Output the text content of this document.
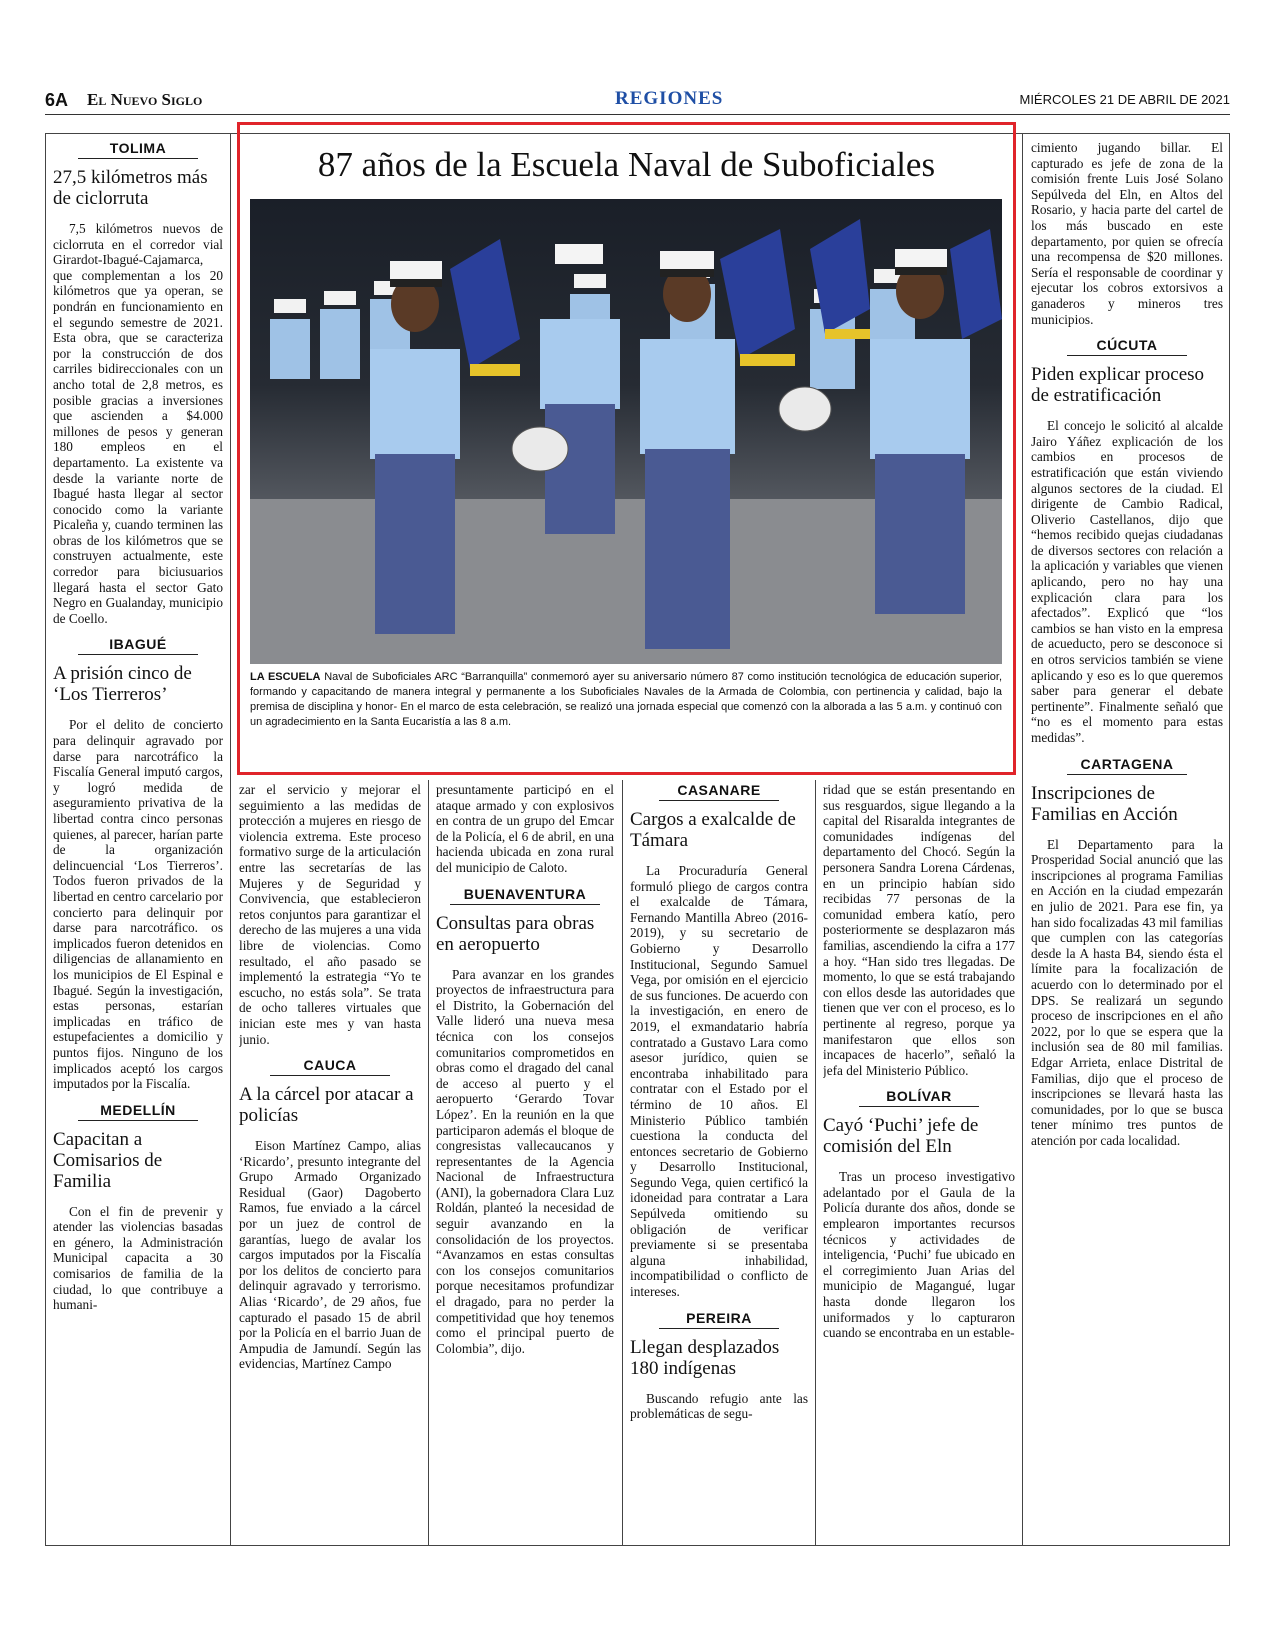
6A El Nuevo Siglo	REGIONES	MIÉRCOLES 21 DE ABRIL DE 2021
TOLIMA
27,5 kilómetros más de ciclorruta

7,5 kilómetros nuevos de ciclorruta en el corredor vial Girardot-Ibagué-Cajamarca, que complementan a los 20 kilómetros que ya operan, se pondrán en funcionamiento en el segundo semestre de 2021. Esta obra, que se caracteriza por la construcción de dos carriles bidireccionales con un ancho total de 2,8 metros, es posible gracias a inversiones que ascienden a $4.000 millones de pesos y generan 180 empleos en el departamento. La existente va desde la variante norte de Ibagué hasta llegar al sector conocido como la variante Picaleña y, cuando terminen las obras de los kilómetros que se construyen actualmente, este corredor para biciusuarios llegará hasta el sector Gato Negro en Gualanday, municipio de Coello.

IBAGUÉ
A prisión cinco de ‘Los Tierreros’

Por el delito de concierto para delinquir agravado por darse para narcotráfico la Fiscalía General imputó cargos, y logró medida de aseguramiento privativa de la libertad contra cinco personas quienes, al parecer, harían parte de la organización delincuencial ‘Los Tierreros’. Todos fueron privados de la libertad en centro carcelario por concierto para delinquir por darse para narcotráfico. os implicados fueron detenidos en diligencias de allanamiento en los municipios de El Espinal e Ibagué. Según la investigación, estas personas, estarían implicadas en tráfico de estupefacientes a domicilio y puntos fijos. Ninguno de los implicados aceptó los cargos imputados por la Fiscalía.

MEDELLÍN
Capacitan a Comisarios de Familia

Con el fin de prevenir y atender las violencias basadas en género, la Administración Municipal capacita a 30 comisarios de familia de la ciudad, lo que contribuye a humani-

87 años de la Escuela Naval de Suboficiales
LA ESCUELA Naval de Suboficiales ARC “Barranquilla” conmemoró ayer su aniversario número 87 como institución tecnológica de educación superior, formando y capacitando de manera integral y permanente a los Suboficiales Navales de la Armada de Colombia, con pertinencia y calidad, bajo la premisa de disciplina y honor- En el marco de esta celebración, se realizó una jornada especial que comenzó con la alborada a las 5 a.m. y continuó con un agradecimiento en la Santa Eucaristía a las 8 a.m.

zar el servicio y mejorar el seguimiento a las medidas de protección a mujeres en riesgo de violencia extrema. Este proceso formativo surge de la articulación entre las secretarías de las Mujeres y de Seguridad y Convivencia, que establecieron retos conjuntos para garantizar el derecho de las mujeres a una vida libre de violencias. Como resultado, el año pasado se implementó la estrategia “Yo te escucho, no estás sola”. Se trata de ocho talleres virtuales que inician este mes y van hasta junio.

CAUCA
A la cárcel por atacar a policías

Eison Martínez Campo, alias ‘Ricardo’, presunto integrante del Grupo Armado Organizado Residual (Gaor) Dagoberto Ramos, fue enviado a la cárcel por un juez de control de garantías, luego de avalar los cargos imputados por la Fiscalía por los delitos de concierto para delinquir agravado y terrorismo. Alias ‘Ricardo’, de 29 años, fue capturado el pasado 15 de abril por la Policía en el barrio Juan de Ampudia de Jamundí. Según las evidencias, Martínez Campo

presuntamente participó en el ataque armado y con explosivos en contra de un grupo del Emcar de la Policía, el 6 de abril, en una hacienda ubicada en zona rural del municipio de Caloto.

BUENAVENTURA
Consultas para obras en aeropuerto

Para avanzar en los grandes proyectos de infraestructura para el Distrito, la Gobernación del Valle lideró una nueva mesa técnica con los consejos comunitarios comprometidos en obras como el dragado del canal de acceso al puerto y el aeropuerto ‘Gerardo Tovar López’. En la reunión en la que participaron además el bloque de congresistas vallecaucanos y representantes de la Agencia Nacional de Infraestructura (ANI), la gobernadora Clara Luz Roldán, planteó la necesidad de seguir avanzando en la consolidación de los proyectos. “Avanzamos en estas consultas con los consejos comunitarios porque necesitamos profundizar el dragado, para no perder la competitividad que hoy tenemos como el principal puerto de Colombia”, dijo.

CASANARE
Cargos a exalcalde de Támara

La Procuraduría General formuló pliego de cargos contra el exalcalde de Támara, Fernando Mantilla Abreo (2016-2019), y su secretario de Gobierno y Desarrollo Institucional, Segundo Samuel Vega, por omisión en el ejercicio de sus funciones. De acuerdo con la investigación, en enero de 2019, el exmandatario habría contratado a Gustavo Lara como asesor jurídico, quien se encontraba inhabilitado para contratar con el Estado por el término de 10 años. El Ministerio Público también cuestiona la conducta del entonces secretario de Gobierno y Desarrollo Institucional, Segundo Vega, quien certificó la idoneidad para contratar a Lara Sepúlveda omitiendo su obligación de verificar previamente si se presentaba alguna inhabilidad, incompatibilidad o conflicto de intereses.

PEREIRA
Llegan desplazados 180 indígenas

Buscando refugio ante las problemáticas de segu-

ridad que se están presentando en sus resguardos, sigue llegando a la capital del Risaralda integrantes de comunidades indígenas del departamento del Chocó. Según la personera Sandra Lorena Cárdenas, en un principio habían sido recibidas 77 personas de la comunidad embera katío, pero posteriormente se desplazaron más familias, ascendiendo la cifra a 177 a hoy. “Han sido tres llegadas. De momento, lo que se está trabajando con ellos desde las autoridades que tienen que ver con el proceso, es lo pertinente al regreso, porque ya manifestaron que ellos son incapaces de hacerlo”, señaló la jefa del Ministerio Público.

BOLÍVAR
Cayó ‘Puchi’ jefe de comisión del Eln

Tras un proceso investigativo adelantado por el Gaula de la Policía durante dos años, donde se emplearon importantes recursos técnicos y actividades de inteligencia, ‘Puchi’ fue ubicado en el corregimiento Juan Arias del municipio de Magangué, lugar hasta donde llegaron los uniformados y lo capturaron cuando se encontraba en un estable-

cimiento jugando billar. El capturado es jefe de zona de la comisión frente Luis José Solano Sepúlveda del Eln, en Altos del Rosario, y hacia parte del cartel de los más buscado en este departamento, por quien se ofrecía una recompensa de $20 millones. Sería el responsable de coordinar y ejecutar los cobros extorsivos a ganaderos y mineros tres municipios.

CÚCUTA
Piden explicar proceso de estratificación

El concejo le solicitó al alcalde Jairo Yáñez explicación de los cambios en procesos de estratificación que están viviendo algunos sectores de la ciudad. El dirigente de Cambio Radical, Oliverio Castellanos, dijo que “hemos recibido quejas ciudadanas de diversos sectores con relación a la aplicación y variables que vienen aplicando, pero no hay una explicación clara para los afectados”. Explicó que “los cambios se han visto en la empresa de acueducto, pero se desconoce si en otros servicios también se viene aplicando y eso es lo que queremos saber para generar el debate pertinente”. Finalmente señaló que “no es el momento para estas medidas”.

CARTAGENA
Inscripciones de Familias en Acción

El Departamento para la Prosperidad Social anunció que las inscripciones al programa Familias en Acción en la ciudad empezarán en julio de 2021. Para ese fin, ya han sido focalizadas 43 mil familias que cumplen con las categorías desde la A hasta B4, siendo ésta el límite para la focalización de acuerdo con lo determinado por el DPS. Se realizará un segundo proceso de inscripciones en el año 2022, por lo que se espera que la inclusión sea de 80 mil familias. Edgar Arrieta, enlace Distrital de Familias, dijo que el proceso de inscripciones se llevará hasta las comunidades, por lo que se busca tener mínimo tres puntos de atención por cada localidad.
